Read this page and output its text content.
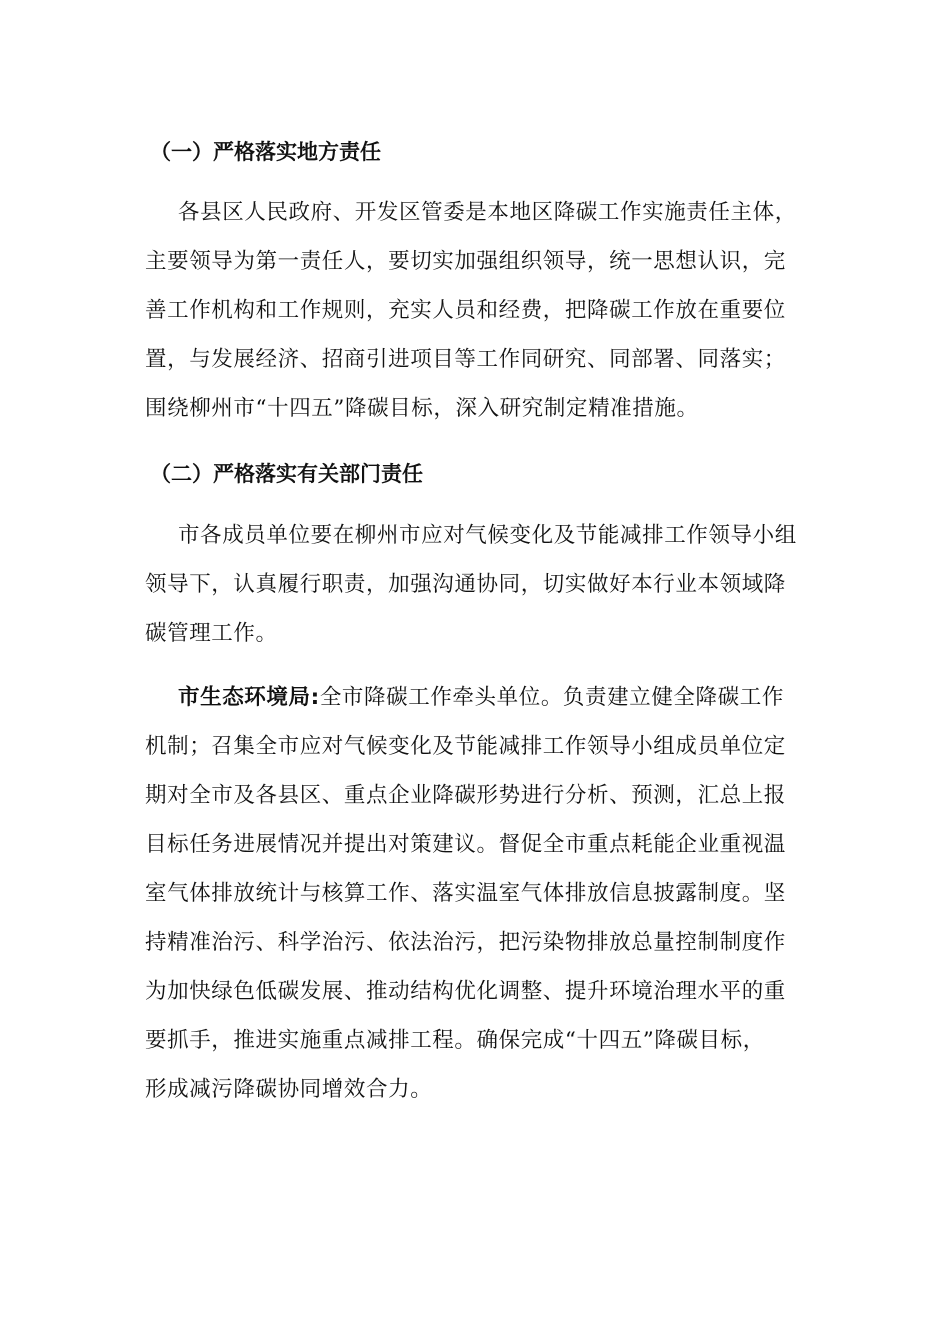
（一）严格落实地方责任
各县区人民政府、开发区管委是本地区降碳工作实施责任主体，
主要领导为第一责任人，要切实加强组织领导，统一思想认识，完
善工作机构和工作规则，充实人员和经费，把降碳工作放在重要位
置，与发展经济、招商引进项目等工作同研究、同部署、同落实；
围绕柳州市“十四五”降碳目标，深入研究制定精准措施。
（二）严格落实有关部门责任
市各成员单位要在柳州市应对气候变化及节能减排工作领导小组
领导下，认真履行职责，加强沟通协同，切实做好本行业本领域降
碳管理工作。
市生态环境局:全市降碳工作牵头单位。负责建立健全降碳工作
机制；召集全市应对气候变化及节能减排工作领导小组成员单位定
期对全市及各县区、重点企业降碳形势进行分析、预测，汇总上报
目标任务进展情况并提出对策建议。督促全市重点耗能企业重视温
室气体排放统计与核算工作、落实温室气体排放信息披露制度。坚
持精准治污、科学治污、依法治污，把污染物排放总量控制制度作
为加快绿色低碳发展、推动结构优化调整、提升环境治理水平的重
要抓手，推进实施重点减排工程。确保完成“十四五”降碳目标，
形成减污降碳协同增效合力。
